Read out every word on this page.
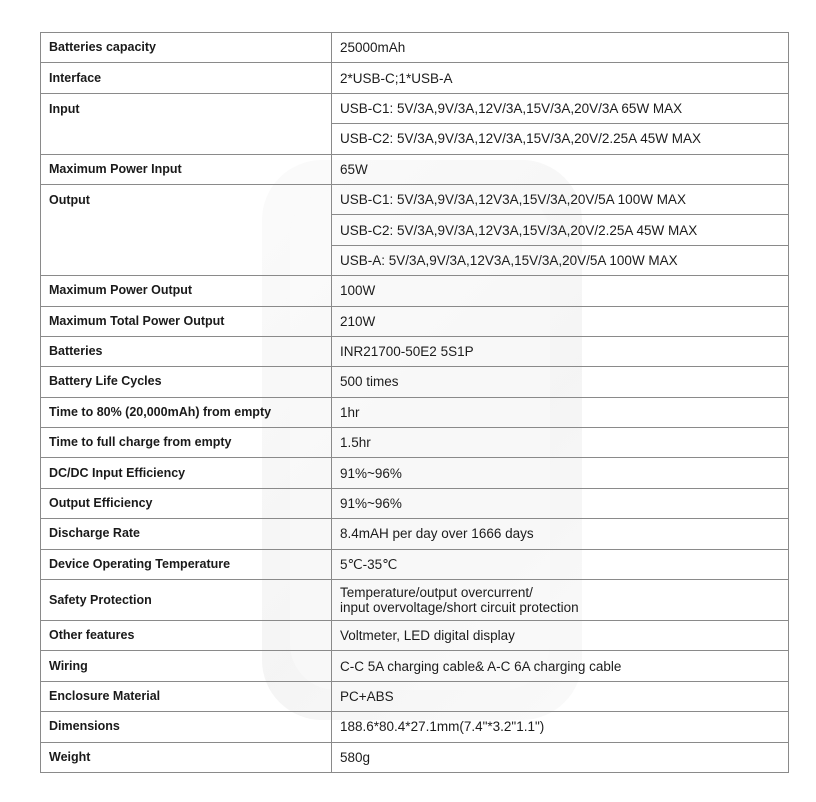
Batteries capacity	25000mAh
Interface	2*USB-C;1*USB-A
Input	USB-C1: 5V/3A,9V/3A,12V/3A,15V/3A,20V/3A 65W MAX
	USB-C2: 5V/3A,9V/3A,12V/3A,15V/3A,20V/2.25A 45W MAX
Maximum Power Input	65W
Output	USB-C1: 5V/3A,9V/3A,12V3A,15V/3A,20V/5A 100W MAX
	USB-C2: 5V/3A,9V/3A,12V3A,15V/3A,20V/2.25A 45W MAX
	USB-A: 5V/3A,9V/3A,12V3A,15V/3A,20V/5A 100W MAX
Maximum Power Output	100W
Maximum Total Power Output	210W
Batteries	INR21700-50E2 5S1P
Battery Life Cycles	500 times
Time to 80% (20,000mAh) from empty	1hr
Time to full charge from empty	1.5hr
DC/DC Input Efficiency	91%~96%
Output Efficiency	91%~96%
Discharge Rate	8.4mAH per day over 1666 days
Device Operating Temperature	5℃-35℃
Safety Protection	Temperature/output overcurrent/
input overvoltage/short circuit protection
Other features	Voltmeter, LED digital display
Wiring	C-C 5A charging cable& A-C 6A charging cable
Enclosure Material	PC+ABS
Dimensions	188.6*80.4*27.1mm(7.4"*3.2"1.1")
Weight	580g
